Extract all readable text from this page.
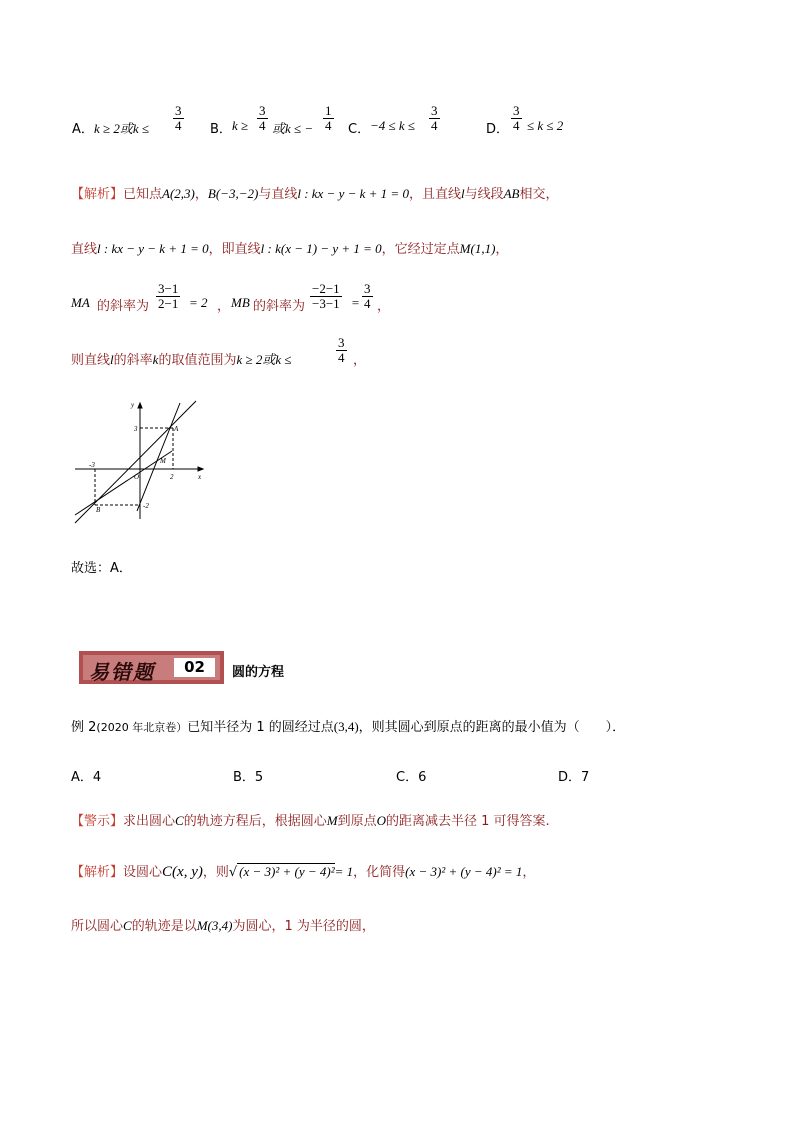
A． k ≥ 2或$k \le \frac{3}{4}$ B． $k \ge \frac{3}{4}$ 或k ≤ − $\frac{1}{4}$ C． $-4 \le k \le \frac{3}{4}$	D． $\frac{3}{4} \le k \le 2$
【解析】已知点A(2,3)，B(−3,−2)与直线l : kx − y − k + 1 = 0，且直线l与线段AB相交，
直线l : kx − y − k + 1 = 0，即直线l : k(x − 1) − y + 1 = 0，它经过定点M(1,1)，
MA 的斜率为 $\frac{3-1}{2-1} = 2$ ， MB 的斜率为 $\frac{-2-1}{-3-1} = \frac{3}{4}$ ，
则直线l的斜率k的取值范围为k ≥ 2或k ≤	$\frac{3}{4}$ ，
y
x
3
-3
2
-2
O
A
B
M
故选：A．
易错题	02	圆的方程
例 2(2020 年北京卷）已知半径为 1 的圆经过点(3,4)，则其圆心到原点的距离的最小值为（　　）．
A．4	B．5	C．6	D．7
【警示】求出圆心C的轨迹方程后，根据圆心M到原点O的距离减去半径 1 可得答案.
【解析】设圆心C(x, y)，则√ (x − 3)² + (y − 4)²= 1，化简得(x − 3)² + (y − 4)² = 1，
所以圆心C的轨迹是以M(3,4)为圆心，1 为半径的圆，
